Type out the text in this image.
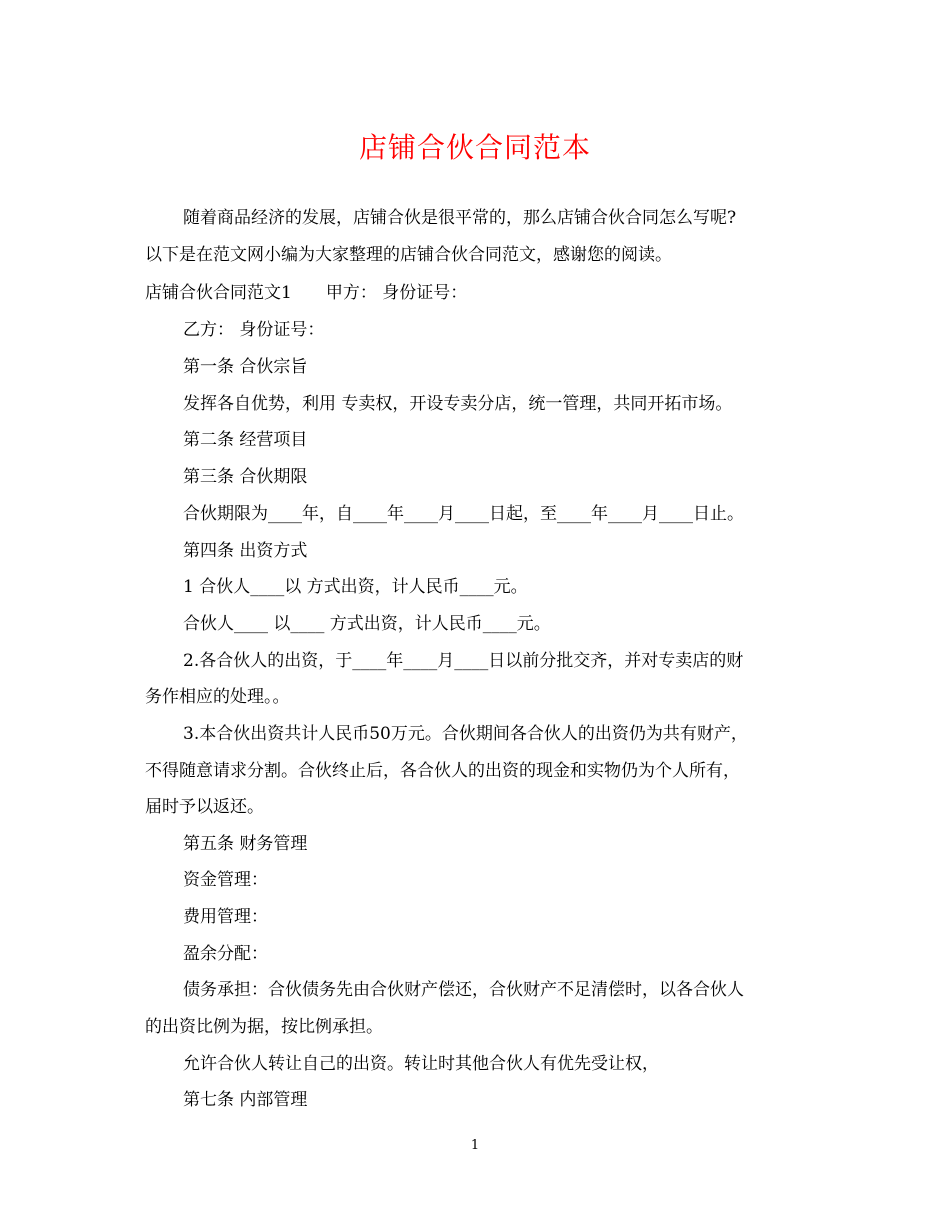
店铺合伙合同范本
随着商品经济的发展，店铺合伙是很平常的，那么店铺合伙合同怎么写呢?
以下是在范文网小编为大家整理的店铺合伙合同范文，感谢您的阅读。
店铺合伙合同范文1　　甲方： 身份证号：
乙方： 身份证号：
第一条 合伙宗旨
发挥各自优势，利用 专卖权，开设专卖分店，统一管理，共同开拓市场。
第二条 经营项目
第三条 合伙期限
合伙期限为____年，自____年____月____日起，至____年____月____日止。
第四条 出资方式
1 合伙人____以 方式出资，计人民币____元。
合伙人____ 以____ 方式出资，计人民币____元。
2.各合伙人的出资，于____年____月____日以前分批交齐，并对专卖店的财
务作相应的处理。。
3.本合伙出资共计人民币50万元。合伙期间各合伙人的出资仍为共有财产，
不得随意请求分割。合伙终止后，各合伙人的出资的现金和实物仍为个人所有，
届时予以返还。
第五条 财务管理
资金管理：
费用管理：
盈余分配：
债务承担：合伙债务先由合伙财产偿还，合伙财产不足清偿时，以各合伙人
的出资比例为据，按比例承担。
允许合伙人转让自己的出资。转让时其他合伙人有优先受让权，
第七条 内部管理
1
